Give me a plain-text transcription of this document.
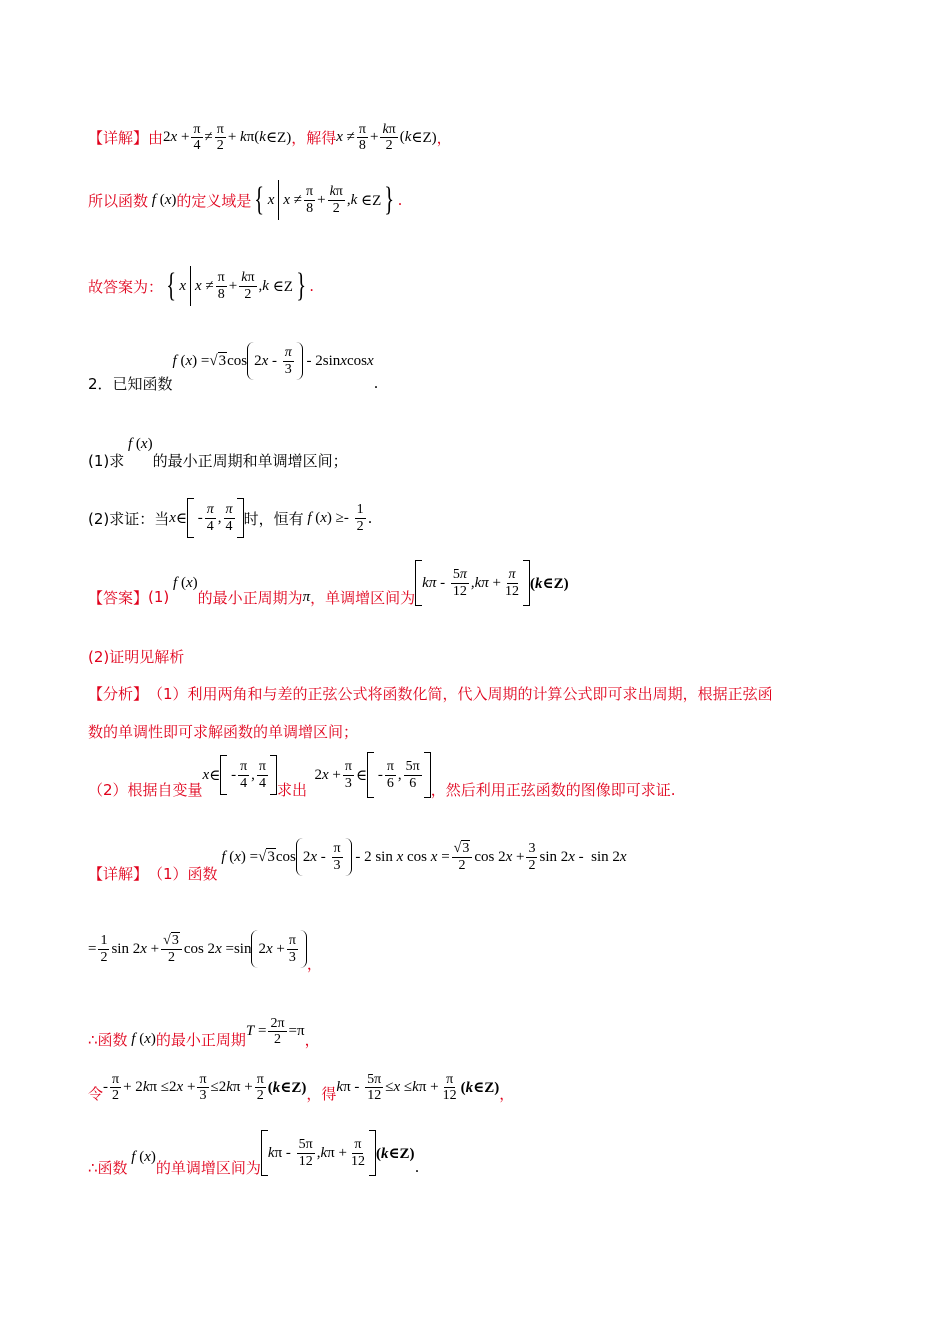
【详解】 由 2 $x + \frac{\pi}{4} \ne \frac{\pi}{2} + k$ π( k ∈Z) ，解得 $x \ne \frac{\pi}{8} + \frac{k\pi}{2}$ ( k ∈Z) ，
所以函数
f ( x ) 的定义域是 { x $x \ne \frac{\pi}{8} + \frac{k\pi}{2}$ , k ∈Z } .
故答案为： { x $x \ne \frac{\pi}{8} + \frac{k\pi}{2}$ , k ∈Z } .
2．已知函数
f ( x ) =√ 3 cos 2 x - $\frac{\pi}{3} - 2\sin$ x cos x
.
(1)求

f ( x )
的最小正周期和单调增区间；
(2)求证：当 x ∈
- $\frac{\pi}{4}$ , $\frac{\pi}{4}$ 时，恒有
f ( x ) ≥- $\frac{1}{2}$ .
【答案】 (1)

f ( x )
的最小正周期为 π ，单调增区间为
k π - $\frac{5\pi}{12}$ , $k\pi + \frac{\pi}{12}$ (k∈Z)
(2)证明见解析
【分析】 （1）利用两角和与差的正弦公式将函数化简，代入周期的计算公式即可求出周期，根据正弦函
数的单调性即可求解函数的单调增区间；
（2）根据自变量
x ∈
- $\frac{\pi}{4}$ , $\frac{\pi}{4}$ 求出
2 $x + \frac{\pi}{3}$ ∈
- $\frac{\pi}{6}$ , $\frac{5\pi}{6}$ ，然后利用正弦函数的图像即可求证.
【详解】 （1）函数

f ( x ) =√ 3 cos 2 x - $\frac{\pi}{3} - 2$ sin x $\cos x = \frac{√3}{2}$ cos 2 $x + \frac{3}{2}$ sin 2 x -  sin 2 x
= $\frac{1}{2}$ sin 2 $x + \frac{√3}{2}$ cos 2 x =sin 2 $x + \frac{\pi}{3}$ ，
∴函数
f ( x ) 的最小正周期 $T = \frac{2\pi}{2} =\pi$ ，
令 - $\frac{\pi}{2} + 2$ k π ≤2 $x + \frac{\pi}{3} \le 2$ k $\pi + \frac{\pi}{2}$ (k∈Z) ，得 k $\pi - \frac{5\pi}{12} \le x \le k$ $\pi + \frac{\pi}{12}$ (k∈Z) ，
∴函数

f ( x )
的单调增区间为
k π - $\frac{5\pi}{12}$ , k $\pi + \frac{\pi}{12}$ (k∈Z)
.
